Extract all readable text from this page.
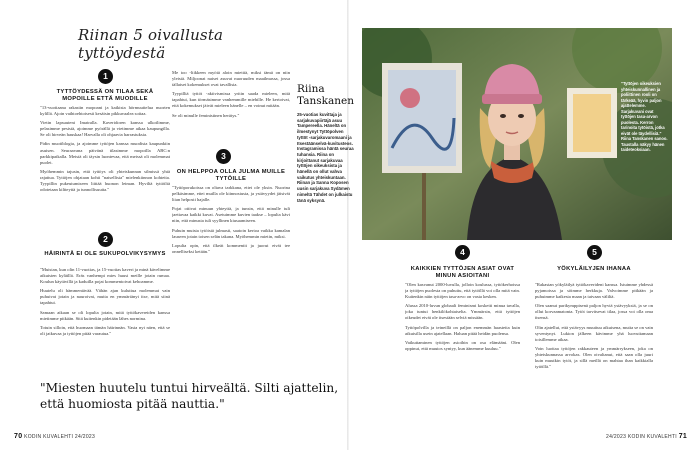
Riinan 5 oivallusta tyttöydestä
1
TYTTÖYDESSÄ ON TILAA SEKÄ MOPOILLE ETTÄ MUODILLE

"13-vuotiaana rakastin mopoani ja kaikista hörmuuttelua nuorten kylillä. Ajoin vaihtoehtoisesti kesäisin pikkuvaalea soitaa.

Vietin lapsuuteni Imatralla. Kaveridoren kanssa ulkoilimme, pelasimme pesistä, ajoimme pyörällä ja vietimme aikaa kaupungilla. Se oli hirveän hauskaa! Harvalla oli ohjaavia harrastuksia.

Pidin muotiblogia, ja ajoimme tyttöjen kanssa muodista kaupunkiin asuisen. Seuraavana päivänä tilasimme mopoilla ABC:n parkkipaikalla. Meistä oli täysin luontevaa, että meissä oli molemmat puolet.

Myöhemmin tajusin, että tyttöys oli yhteiskunnan silmissä yhtä rajattua. Tyttöjen ohjataan kohti "naisellisia" mielenkiinnon kohteita. Tyypillin pukeutumiseen liittää huonon leiman. Hyviltä tyttöiltä odotetaan kiltteyttä ja tunnollisuutta."

2
HÄIRINTÄ EI OLE SUKUPOLVIKYSYMYS

"Muistan, kun olin 11-vuotias, ja 15-vuotias kaveri ja minä kävelimme aikuisten kyläillä. Eräs vanhempi mies huusi meille jotain rumaa. Koulun käytävillä ja kaduilla pojat kommentoivat kehoamme.

Huutelu oli hämmentävää. Vähän ajan kuluttua molemmat vain puhuivat jotain ja nauroivat, mutta en ymmärtänyt itse, mitä siinä tapahtui.

Samaan aikaan se oli lopulta jotain, mitä tyttökavereiden kanssa mietimme pitkään. Sitä kuitenkin pidetään lähes normina.

Totuin silloin, että huomaan tämän häirinnän. Vasta nyt näen, että se oli jatkuvaa ja tyttöjen pitää varautua."

Me too -liikkeen myötä aloin miettiä, miksi tämä on niin yleistä. Miljoonat naiset asuvat nuoruuden maailmassa, jossa tällaiset kokemukset ovat tavallisia.

Tyypilliä tyttöt -aktivismissa yritin saada mieleen, mitä tapahtui, kun törmäsimme vanhemmille miehille. He kertoivat, että kokemukset jäivät mieleen hänelle – en voinut mitään.

Se oli minulle feministinen herätys."

3
ON HELPPOA OLLA JULMA MUILLE TYTÖILLE

"Tyttöporukoissa on oltava tarkkana, ettei ole yksin. Nuorina pelkäsimme, ettei muilla ole kiinnostusta, ja ystävyydet jäisivät liian helposti hajalle.

Pojat ottivat minuun yhteyttä, ja tunsin, että minulle tuli jaettavaa kaikki kuvat. Asetuimme kuvien taakse – lopulta kävi niin, että minusta tuli syyllinen kiusaamiseen.

Puhuin muista tytöistä julmasti, saatoin kertoa vaikka kamalan lauseen jotain toisen selän takana. Myöhemmin mietin, miksi.

Lopulta opin, että ilkeät kommentit ja juorut eivät tee onnelliseksi ketään."

Riina
Tanskanen
25-vuotias kuvittaja ja sarjakuvapiirtäjä asuu Tampereella. Häneltä on ilmestynyt Tyttöpolven tyttöt -sarjakuvaromaani ja Itsestäänselvä-kuvitusteos. Instagramissa häntä seuraa tuhansia. Riina on kirjoittanut sarjakuvaa tyttöjen oikeuksista ja hänellä on ollut vahva vaikutus yhteiskuntaan. Riinan ja Sanna Koposen uusin sarjakuva Sydämen nimeltä Tähdet on julkaistu tänä syksynä.
"Miesten huutelu tuntui hirveältä. Silti ajattelin, että huomiosta pitää nauttia."
70 KODIN KUVALEHTI 24/2023
"Tyttöjen oikeuksien yhteiskunnallinen ja poliittinen rooli on tärkeää, hyvin paljon ajattelemme. Sarjakuvani ovat tyttöjen tasa-arvon puolesta. Kerron tarinoita tytöistä, jotka eivät ole täydellisiä." Riina Tanskanen sanoo. Taustalla näkyy hänen taideteoksiaan.
4
KAIKKIEN TYTTÖJEN ASIAT OVAT MINUN ASIOITANI

"Olen kasvanut 2000-luvulla, jolloin koulussa, tyttökerhoissa ja tyttöjen puolesta on puhuttu, että tytöillä voi olla mitä vain. Kuitenkin näin tyttöjen tasa-arvo on vasta kesken.

Alussa 2010-luvun globaali feminismi kosketti minua tavalla, joka tuntui henkilökohtaiselta. Ymmärsin, että tyttöjen oikeudet eivät ole itsestään selviä missään.

Tyttöpolvilla ja teineillä on paljon enemmän haasteita kuin aikuisilla usein ajatellaan. Haluan pitää heidän puolensa.

Vaikuttaminen tyttöjen asioihin on osa elämääni. Olen oppinut, että muutos syntyy, kun äänemme kuuluu."

5
YÖKYLÄILYJEN IHANAA

"Rakastan yökyläilyä tyttökaverideni kanssa. Istuimme yhdessä pyjamoissa ja söimme herkkuja. Valvoimme pitkään ja puhuimme kaikesta maan ja taivaan väliltä.

Olen saanut parikymppisenä paljon hyviä ystävyyksiä, ja se on ollut korvaamatonta. Tytöt tarvitsevat tilaa, jossa voi olla oma itsensä.

Olin ajatellut, että ystävyys muuttuu aikuisena, mutta se on vain syventynyt. Lukion jälkeen kävimme yhä luovuttamaan toisillemme aikaa.

Voin luottaa tyttöjen rakkauteen ja ymmärrykseen, joka on yhteiskunnassa arvokas. Olen oivaltanut, että saan olla juuri kuin muutkin tytöt, ja sillä meillä on mahtaa ihan kaikkialla tytöillä."

24/2023 KODIN KUVALEHTI 71
